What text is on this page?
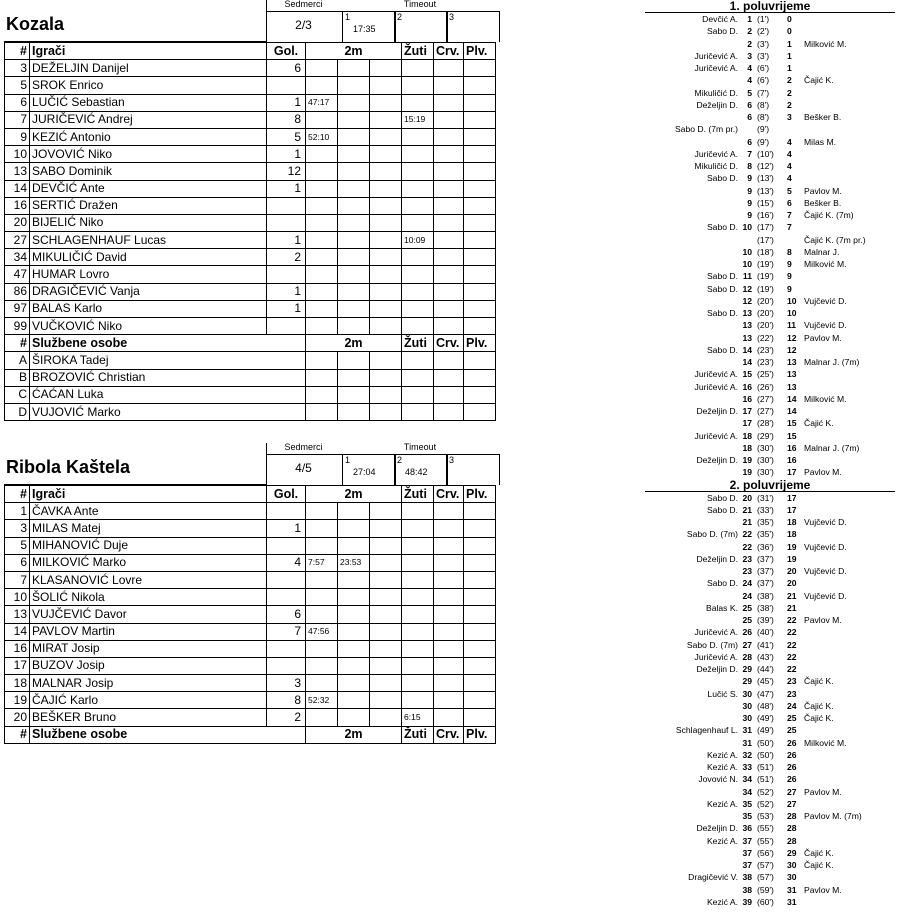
Kozala
Sedmerci
2/3
Timeout
1
17:35
2	3
#	Igrači	Gol.	2m			Žuti	Crv.	Plv.
3	DEŽELJIN Danijel	6						
5	SROK Enrico							
6	LUČIĆ Sebastian	1	47:17					
7	JURIČEVIĆ Andrej	8				15:19		
9	KEZIĆ Antonio	5	52:10					
10	JOVOVIĆ Niko	1						
13	SABO Dominik	12						
14	DEVČIĆ Ante	1						
16	SERTIĆ Dražen							
20	BIJELIĆ Niko							
27	SCHLAGENHAUF Lucas	1				10:09		
34	MIKULIČIĆ David	2						
47	HUMAR Lovro							
86	DRAGIČEVIĆ Vanja	1						
97	BALAS Karlo	1						
99	VUČKOVIĆ Niko							
#	Službene osobe		2m			Žuti	Crv.	Plv.
A	ŠIROKA Tadej							
B	BROZOVIĆ Christian							
C	ĆAĆAN Luka							
D	VUJOVIĆ Marko							
Ribola Kaštela
Sedmerci
4/5
Timeout
1
27:04
2
48:42
3
#	Igrači	Gol.	2m			Žuti	Crv.	Plv.
1	ČAVKA Ante							
3	MILAS Matej	1						
5	MIHANOVIĆ Duje							
6	MILKOVIĆ Marko	4	7:57	23:53				
7	KLASANOVIĆ Lovre							
10	ŠOLIĆ Nikola							
13	VUJČEVIĆ Davor	6						
14	PAVLOV Martin	7	47:56					
16	MIRAT Josip							
17	BUZOV Josip							
18	MALNAR Josip	3						
19	ČAJIĆ Karlo	8	52:32					
20	BEŠKER Bruno	2				6:15		
#	Službene osobe		2m			Žuti	Crv.	Plv.
1. poluvrijeme
Devčić A. 1 (1') 0
Sabo D. 2 (2') 0
2 (3') 1 Milković M.
Juričević A. 3 (3') 1
Juričević A. 4 (6') 1
4 (6') 2 Čajić K.
Mikuličić D. 5 (7') 2
Deželjin D. 6 (8') 2
6 (8') 3 Bešker B.
Sabo D. (7m pr.) (9')
6 (9') 4 Milas M.
Juričević A. 7 (10') 4
Mikuličić D. 8 (12') 4
Sabo D. 9 (13') 4
9 (13') 5 Pavlov M.
9 (15') 6 Bešker B.
9 (16') 7 Čajić K. (7m)
Sabo D. 10 (17') 7
(17')	Čajić K. (7m pr.)
10 (18') 8 Malnar J.
10 (19') 9 Milković M.
Sabo D. 11 (19') 9
Sabo D. 12 (19') 9
12 (20') 10 Vujčević D.
Sabo D. 13 (20') 10
13 (20') 11 Vujčević D.
13 (22') 12 Pavlov M.
Sabo D. 14 (23') 12
14 (23') 13 Malnar J. (7m)
Juričević A. 15 (25') 13
Juričević A. 16 (26') 13
16 (27') 14 Milković M.
Deželjin D. 17 (27') 14
17 (28') 15 Čajić K.
Juričević A. 18 (29') 15
18 (30') 16 Malnar J. (7m)
Deželjin D. 19 (30') 16
19 (30') 17 Pavlov M.
2. poluvrijeme
Sabo D. 20 (31') 17
Sabo D. 21 (33') 17
21 (35') 18 Vujčević D.
Sabo D. (7m) 22 (35') 18
22 (36') 19 Vujčević D.
Deželjin D. 23 (37') 19
23 (37') 20 Vujčević D.
Sabo D. 24 (37') 20
24 (38') 21 Vujčević D.
Balas K. 25 (38') 21
25 (39') 22 Pavlov M.
Juričević A. 26 (40') 22
Sabo D. (7m) 27 (41') 22
Juričević A. 28 (43') 22
Deželjin D. 29 (44') 22
29 (45') 23 Čajić K.
Lučić S. 30 (47') 23
30 (48') 24 Čajić K.
30 (49') 25 Čajić K.
Schlagenhauf L. 31 (49') 25
31 (50') 26 Milković M.
Kezić A. 32 (50') 26
Kezić A. 33 (51') 26
Jovović N. 34 (51') 26
34 (52') 27 Pavlov M.
Kezić A. 35 (52') 27
35 (53') 28 Pavlov M. (7m)
Deželjin D. 36 (55') 28
Kezić A. 37 (55') 28
37 (56') 29 Čajić K.
37 (57') 30 Čajić K.
Dragičević V. 38 (57') 30
38 (59') 31 Pavlov M.
Kezić A. 39 (60') 31
